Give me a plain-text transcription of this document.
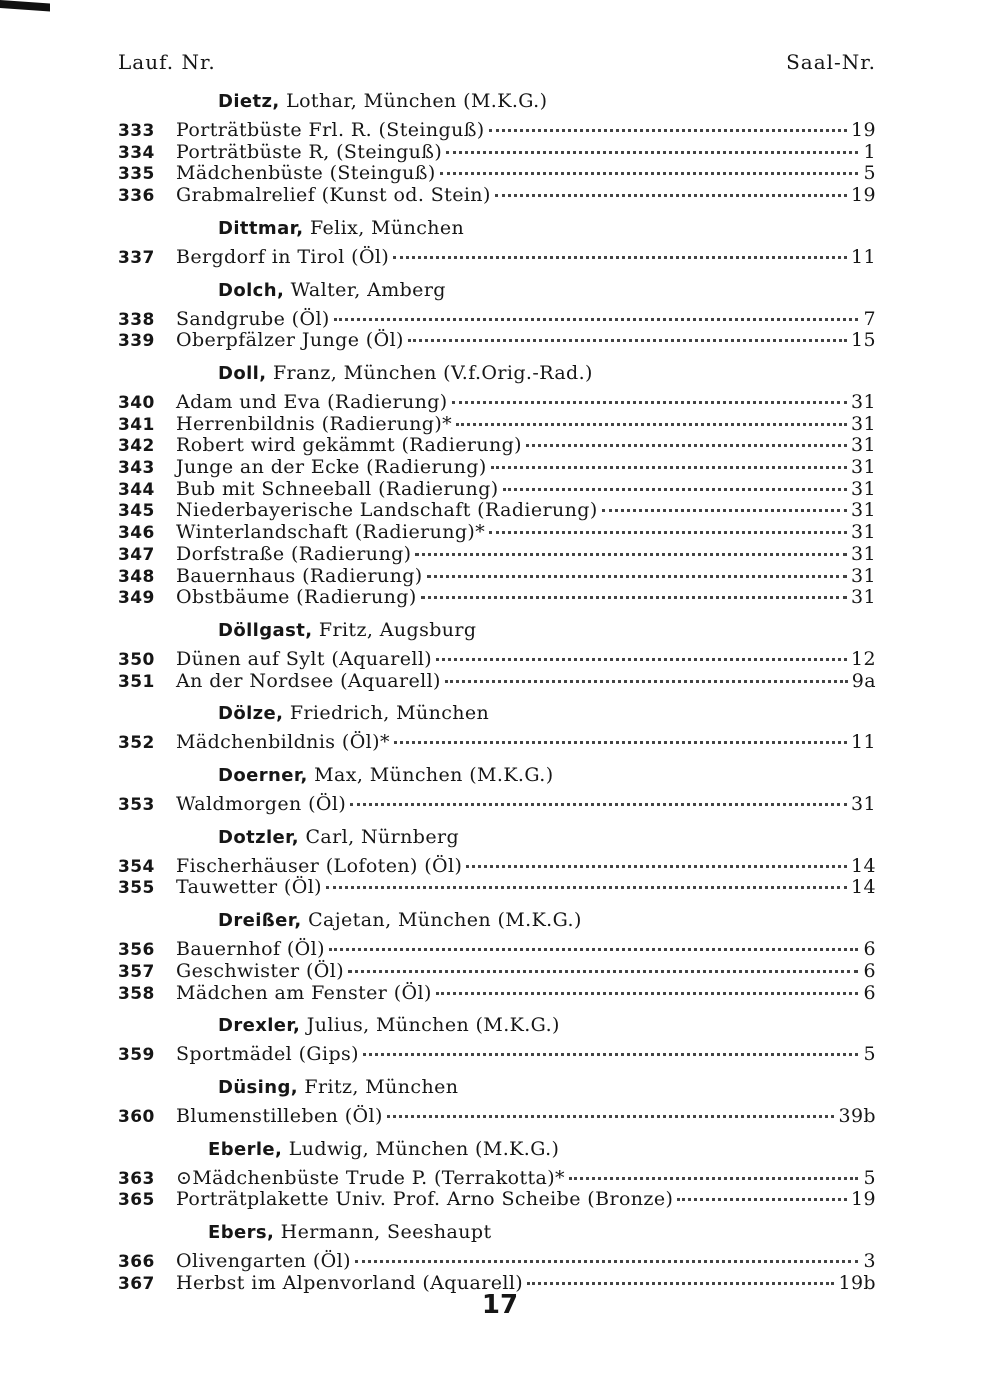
Lauf. Nr.	Saal-Nr.
Dietz, Lothar, München (M.K.G.)
333	Porträtbüste Frl. R. (Steinguß)	19
334	Porträtbüste R, (Steinguß)	1
335	Mädchenbüste (Steinguß)	5
336	Grabmalrelief (Kunst od. Stein)	19
Dittmar, Felix, München
337	Bergdorf in Tirol (Öl)	11
Dolch, Walter, Amberg
338	Sandgrube (Öl)	7
339	Oberpfälzer Junge (Öl)	15
Doll, Franz, München (V.f.Orig.-Rad.)
340	Adam und Eva (Radierung)	31
341	Herrenbildnis (Radierung)*	31
342	Robert wird gekämmt (Radierung)	31
343	Junge an der Ecke (Radierung)	31
344	Bub mit Schneeball (Radierung)	31
345	Niederbayerische Landschaft (Radierung)	31
346	Winterlandschaft (Radierung)*	31
347	Dorfstraße (Radierung)	31
348	Bauernhaus (Radierung)	31
349	Obstbäume (Radierung)	31
Döllgast, Fritz, Augsburg
350	Dünen auf Sylt (Aquarell)	12
351	An der Nordsee (Aquarell)	9a
Dölze, Friedrich, München
352	Mädchenbildnis (Öl)*	11
Doerner, Max, München (M.K.G.)
353	Waldmorgen (Öl)	31
Dotzler, Carl, Nürnberg
354	Fischerhäuser (Lofoten) (Öl)	14
355	Tauwetter (Öl)	14
Dreißer, Cajetan, München (M.K.G.)
356	Bauernhof (Öl)	6
357	Geschwister (Öl)	6
358	Mädchen am Fenster (Öl)	6
Drexler, Julius, München (M.K.G.)
359	Sportmädel (Gips)	5
Düsing, Fritz, München
360	Blumenstilleben (Öl)	39b
Eberle, Ludwig, München (M.K.G.)
363	⊙Mädchenbüste Trude P. (Terrakotta)*	5
365	Porträtplakette Univ. Prof. Arno Scheibe (Bronze)	19
Ebers, Hermann, Seeshaupt
366	Olivengarten (Öl)	3
367	Herbst im Alpenvorland (Aquarell)	19b
17
